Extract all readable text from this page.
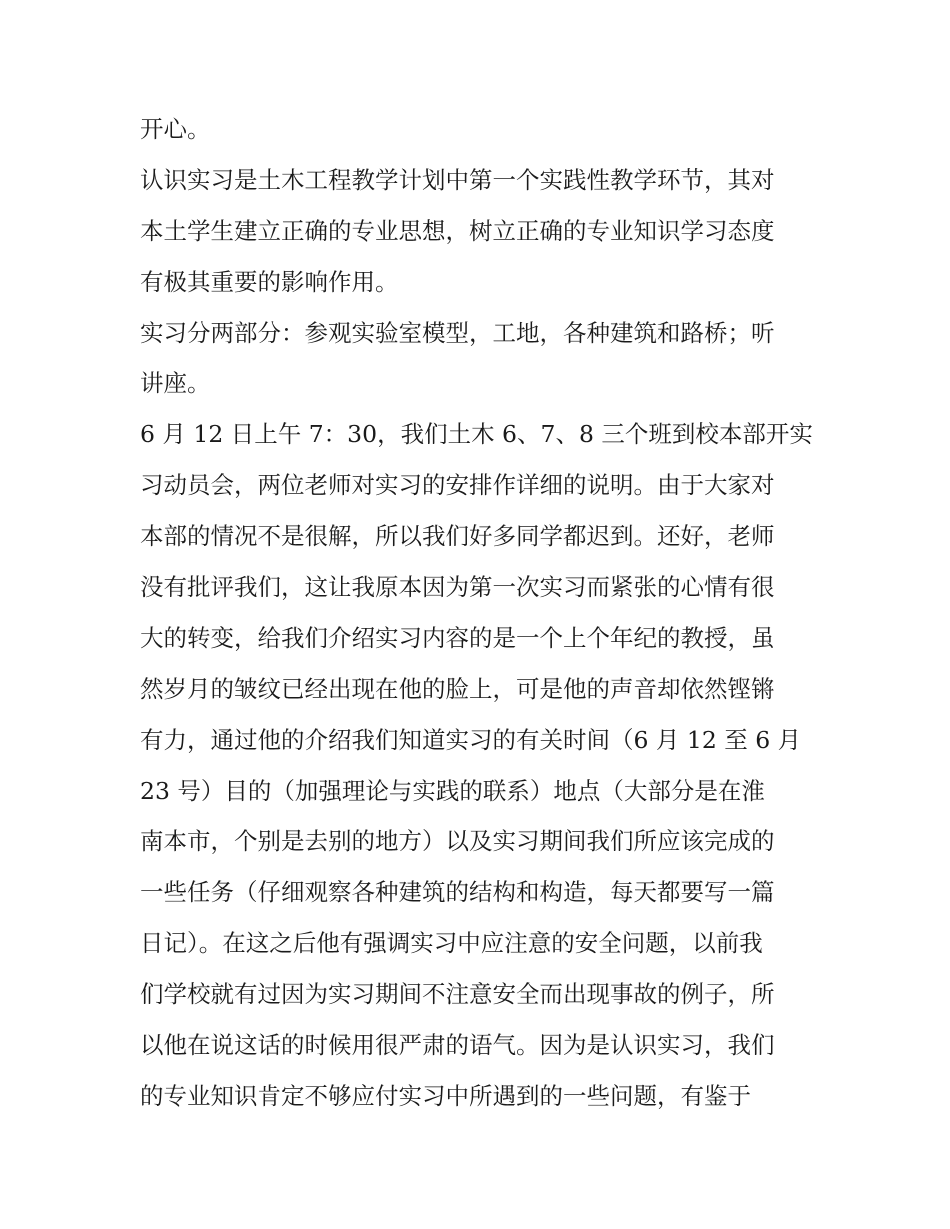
开心。
认识实习是土木工程教学计划中第一个实践性教学环节，其对
本土学生建立正确的专业思想，树立正确的专业知识学习态度
有极其重要的影响作用。
实习分两部分：参观实验室模型，工地，各种建筑和路桥；听
讲座。
6 月 12 日上午 7：30，我们土木 6、7、8 三个班到校本部开实
习动员会，两位老师对实习的安排作详细的说明。由于大家对
本部的情况不是很解，所以我们好多同学都迟到。还好，老师
没有批评我们，这让我原本因为第一次实习而紧张的心情有很
大的转变，给我们介绍实习内容的是一个上个年纪的教授，虽
然岁月的皱纹已经出现在他的脸上，可是他的声音却依然铿锵
有力，通过他的介绍我们知道实习的有关时间（6 月 12 至 6 月
23 号）目的（加强理论与实践的联系）地点（大部分是在淮
南本市，个别是去别的地方）以及实习期间我们所应该完成的
一些任务（仔细观察各种建筑的结构和构造，每天都要写一篇
日记）。在这之后他有强调实习中应注意的安全问题，以前我
们学校就有过因为实习期间不注意安全而出现事故的例子，所
以他在说这话的时候用很严肃的语气。因为是认识实习，我们
的专业知识肯定不够应付实习中所遇到的一些问题，有鉴于
